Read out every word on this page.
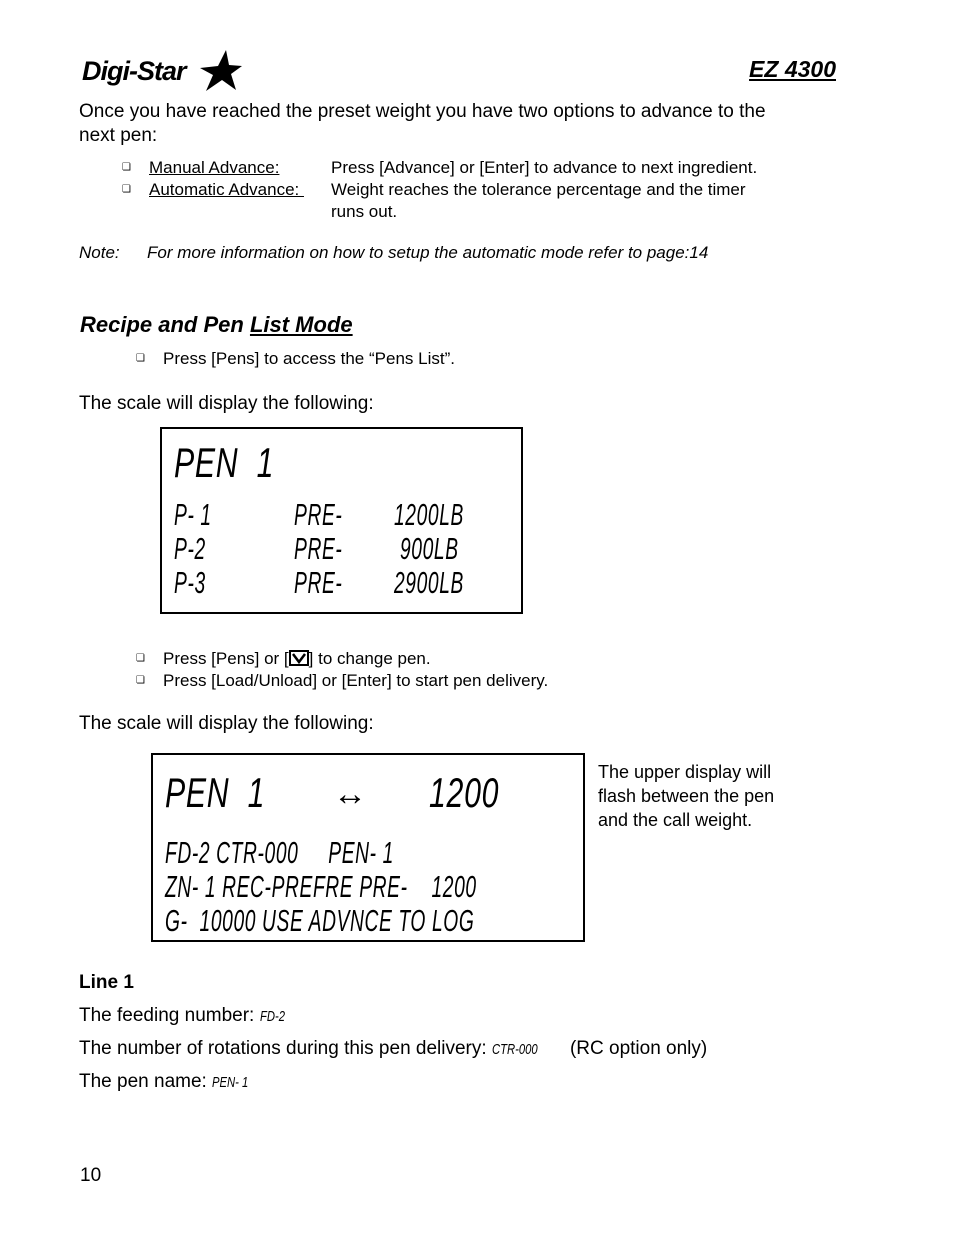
Digi-Star	EZ 4300
Once you have reached the preset weight you have two options to advance to the
next pen:
❏ Manual Advance:	Press [Advance] or [Enter] to advance to next ingredient.
❏ Automatic Advance:	Weight reaches the tolerance percentage and the timer
runs out.
Note: For more information on how to setup the automatic mode refer to page:14
Recipe and Pen List Mode
❏ Press [Pens] to access the “Pens List”.
The scale will display the following:
PEN  1
P- 1	PRE- 1200LB
P-2	PRE- 900LB
P-3	PRE- 2900LB
❏ Press [Pens] or [ ] to change pen.
❏ Press [Load/Unload] or [Enter] to start pen delivery.
The scale will display the following:
PEN  1 ↔ 1200
FD-2 CTR-000     PEN- 1
ZN- 1 REC-PREFRE PRE-    1200
G-  10000 USE ADVNCE TO LOG
The upper display will
flash between the pen
and the call weight.
Line 1
The feeding number: FD-2
The number of rotations during this pen delivery: CTR-000 (RC option only)
The pen name: PEN- 1
10
